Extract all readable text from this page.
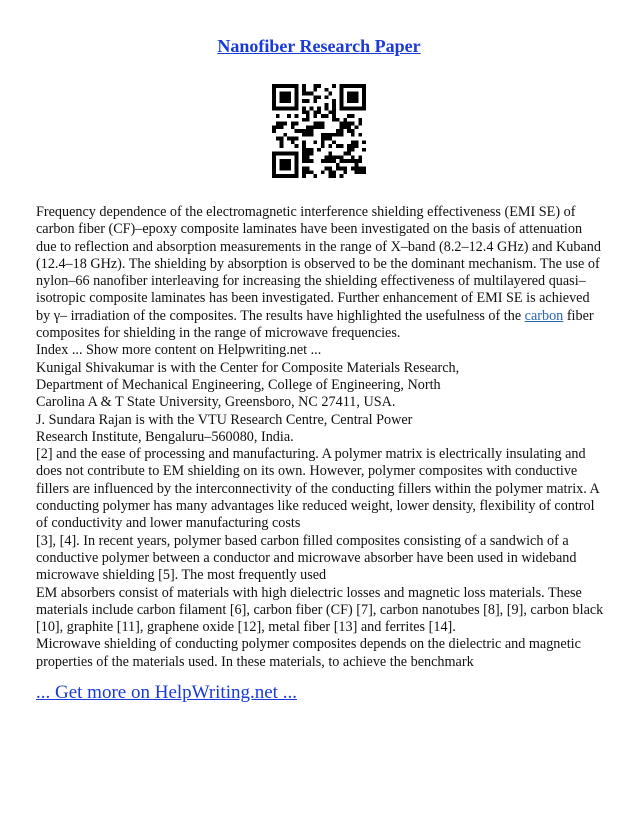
Nanofiber Research Paper

Frequency dependence of the electromagnetic interference shielding effectiveness (EMI SE) of carbon fiber (CF)–epoxy composite laminates have been investigated on the basis of attenuation due to reflection and absorption measurements in the range of X–band (8.2–12.4 GHz) and Kuband (12.4–18 GHz). The shielding by absorption is observed to be the dominant mechanism. The use of nylon–66 nanofiber interleaving for increasing the shielding effectiveness of multilayered quasi–isotropic composite laminates has been investigated. Further enhancement of EMI SE is achieved by γ– irradiation of the composites. The results have highlighted the usefulness of the carbon fiber composites for shielding in the range of microwave frequencies.

Index ... Show more content on Helpwriting.net ...

Kunigal Shivakumar is with the Center for Composite Materials Research,

Department of Mechanical Engineering, College of Engineering, North

Carolina A & T State University, Greensboro, NC 27411, USA.

J. Sundara Rajan is with the VTU Research Centre, Central Power

Research Institute, Bengaluru–560080, India.

[2] and the ease of processing and manufacturing. A polymer matrix is electrically insulating and does not contribute to EM shielding on its own. However, polymer composites with conductive fillers are influenced by the interconnectivity of the conducting fillers within the polymer matrix. A conducting polymer has many advantages like reduced weight, lower density, flexibility of control of conductivity and lower manufacturing costs

[3], [4]. In recent years, polymer based carbon filled composites consisting of a sandwich of a conductive polymer between a conductor and microwave absorber have been used in wideband microwave shielding [5]. The most frequently used

EM absorbers consist of materials with high dielectric losses and magnetic loss materials. These materials include carbon filament [6], carbon fiber (CF) [7], carbon nanotubes [8], [9], carbon black [10], graphite [11], graphene oxide [12], metal fiber [13] and ferrites [14].

Microwave shielding of conducting polymer composites depends on the dielectric and magnetic properties of the materials used. In these materials, to achieve the benchmark

... Get more on HelpWriting.net ...
